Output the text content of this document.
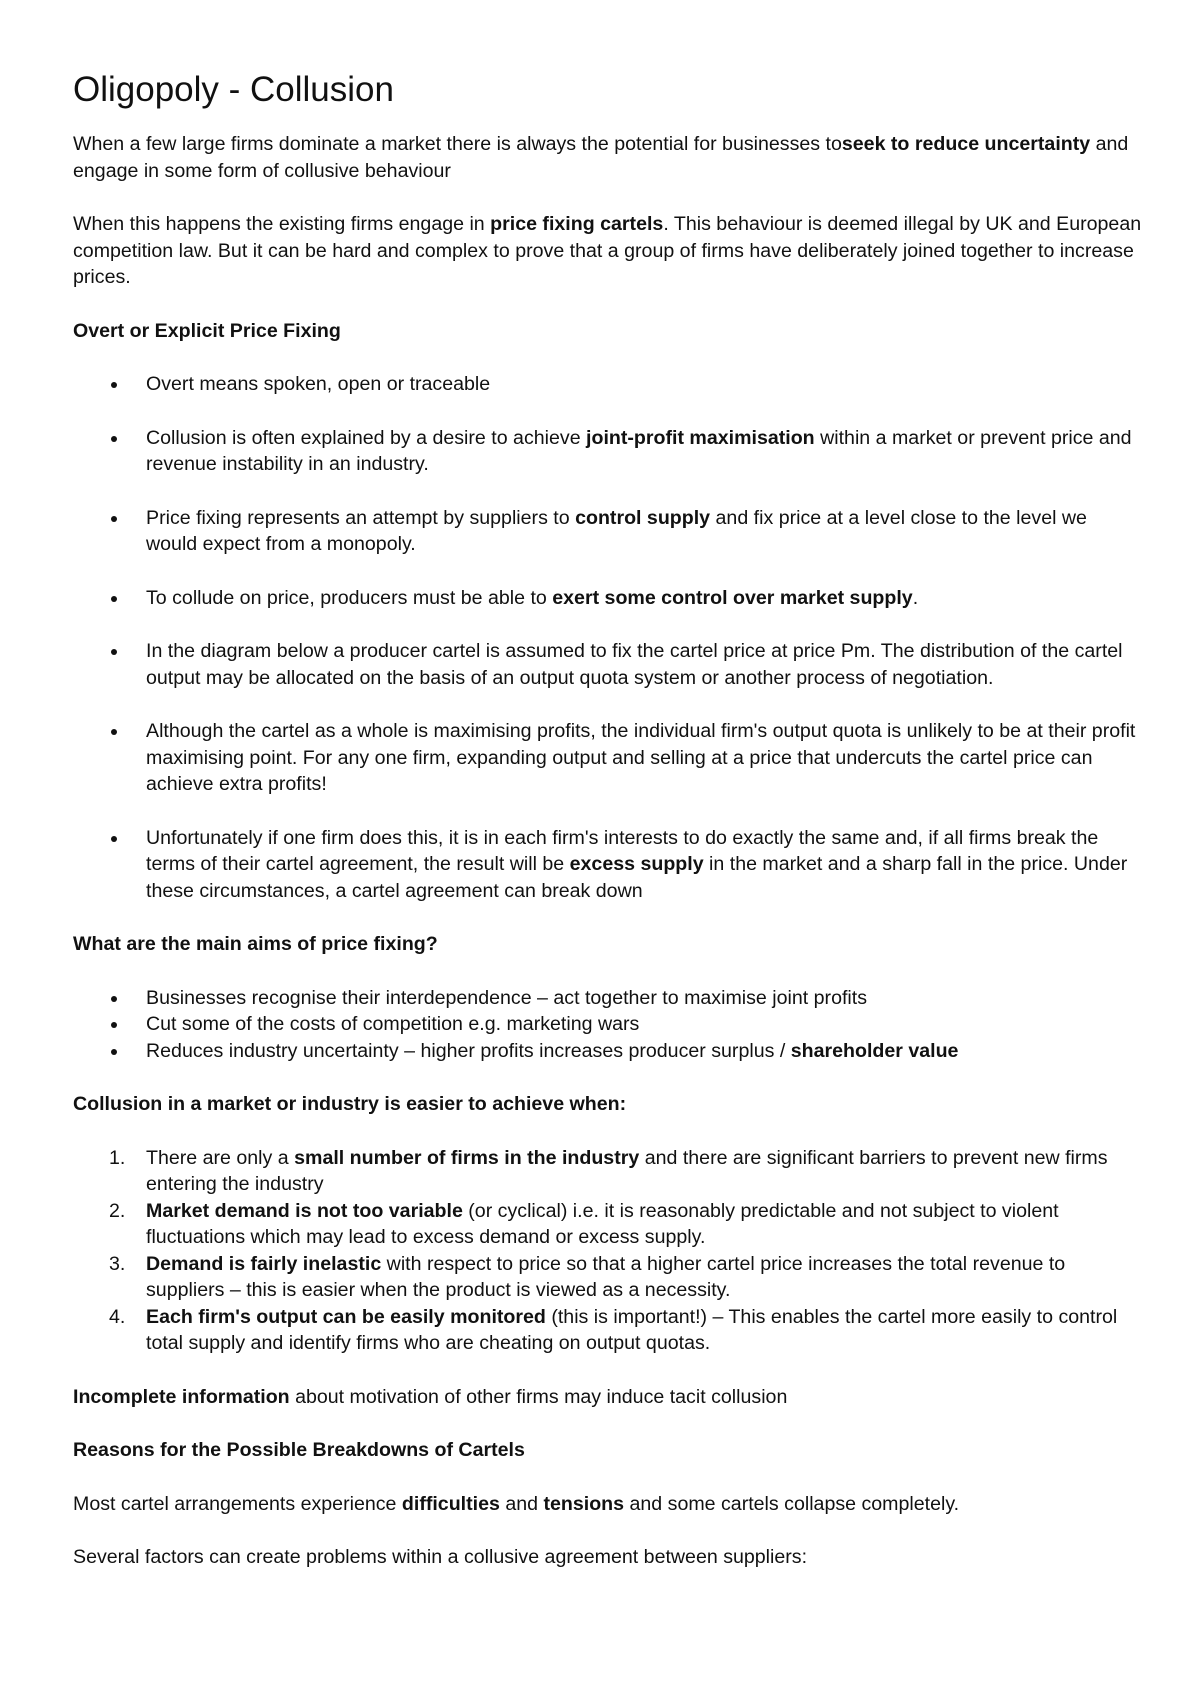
Oligopoly - Collusion

When a few large firms dominate a market there is always the potential for businesses toseek to reduce uncertainty and engage in some form of collusive behaviour

When this happens the existing firms engage in price fixing cartels. This behaviour is deemed illegal by UK and European competition law. But it can be hard and complex to prove that a group of firms have deliberately joined together to increase prices.

Overt or Explicit Price Fixing
Overt means spoken, open or traceable
Collusion is often explained by a desire to achieve joint-profit maximisation within a market or prevent price and revenue instability in an industry.
Price fixing represents an attempt by suppliers to control supply and fix price at a level close to the level we would expect from a monopoly.
To collude on price, producers must be able to exert some control over market supply.
In the diagram below a producer cartel is assumed to fix the cartel price at price Pm. The distribution of the cartel output may be allocated on the basis of an output quota system or another process of negotiation.
Although the cartel as a whole is maximising profits, the individual firm's output quota is unlikely to be at their profit maximising point. For any one firm, expanding output and selling at a price that undercuts the cartel price can achieve extra profits!
Unfortunately if one firm does this, it is in each firm's interests to do exactly the same and, if all firms break the terms of their cartel agreement, the result will be excess supply in the market and a sharp fall in the price. Under these circumstances, a cartel agreement can break down
What are the main aims of price fixing?
Businesses recognise their interdependence – act together to maximise joint profits
Cut some of the costs of competition e.g. marketing wars
Reduces industry uncertainty – higher profits increases producer surplus / shareholder value
Collusion in a market or industry is easier to achieve when:
1. There are only a small number of firms in the industry and there are significant barriers to prevent new firms entering the industry
2. Market demand is not too variable (or cyclical) i.e. it is reasonably predictable and not subject to violent fluctuations which may lead to excess demand or excess supply.
3. Demand is fairly inelastic with respect to price so that a higher cartel price increases the total revenue to suppliers – this is easier when the product is viewed as a necessity.
4. Each firm's output can be easily monitored (this is important!) – This enables the cartel more easily to control total supply and identify firms who are cheating on output quotas.

Incomplete information about motivation of other firms may induce tacit collusion

Reasons for the Possible Breakdowns of Cartels

Most cartel arrangements experience difficulties and tensions and some cartels collapse completely.

Several factors can create problems within a collusive agreement between suppliers:
